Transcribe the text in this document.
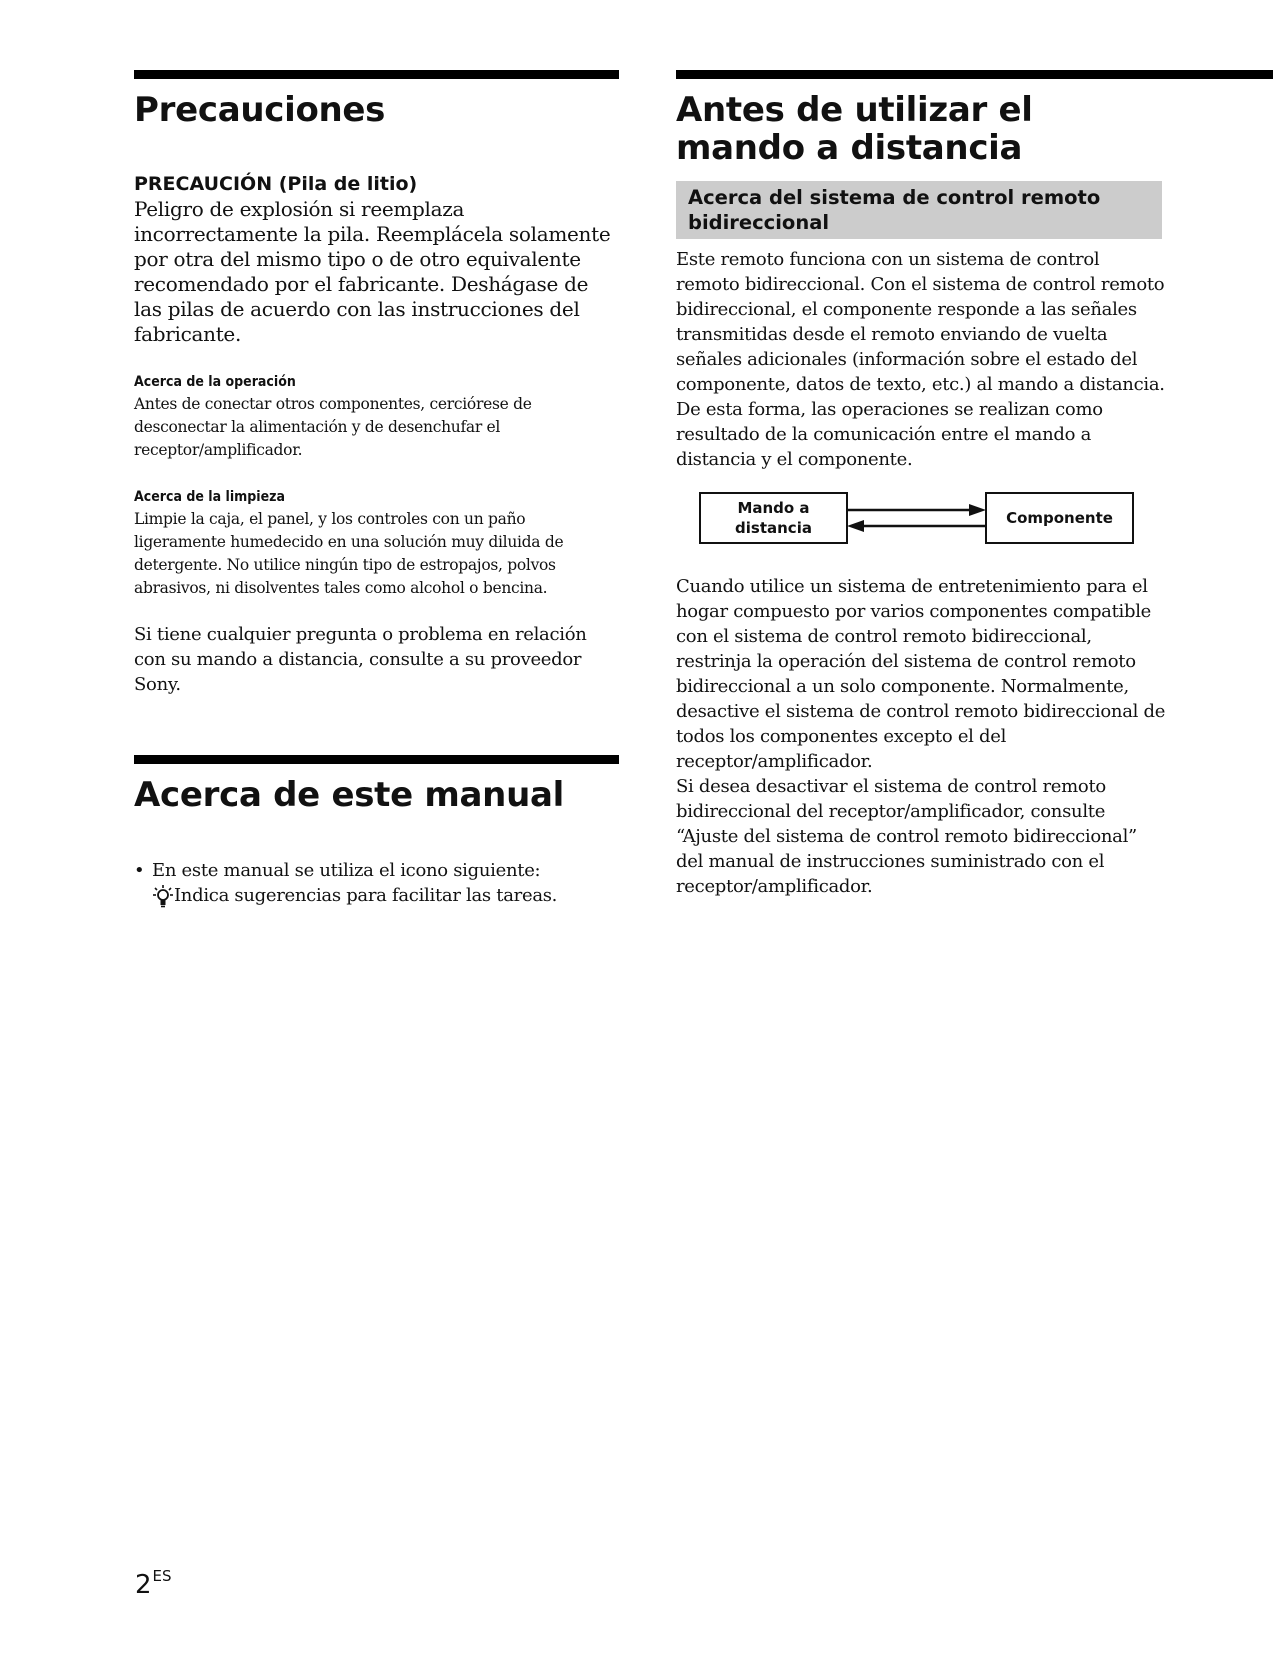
Precauciones
PRECAUCIÓN (Pila de litio)
Peligro de explosión si reemplaza incorrectamente la pila. Reemplácela solamente por otra del mismo tipo o de otro equivalente recomendado por el fabricante. Deshágase de las pilas de acuerdo con las instrucciones del fabricante.
Acerca de la operación
Antes de conectar otros componentes, cerciórese de desconectar la alimentación y de desenchufar el receptor/amplificador.
Acerca de la limpieza
Limpie la caja, el panel, y los controles con un paño ligeramente humedecido en una solución muy diluida de detergente. No utilice ningún tipo de estropajos, polvos abrasivos, ni disolventes tales como alcohol o bencina.
Si tiene cualquier pregunta o problema en relación con su mando a distancia, consulte a su proveedor Sony.
Acerca de este manual
• En este manual se utiliza el icono siguiente:
Indica sugerencias para facilitar las tareas.
Antes de utilizar el mando a distancia
Acerca del sistema de control remoto bidireccional
Este remoto funciona con un sistema de control remoto bidireccional. Con el sistema de control remoto bidireccional, el componente responde a las señales transmitidas desde el remoto enviando de vuelta señales adicionales (información sobre el estado del componente, datos de texto, etc.) al mando a distancia. De esta forma, las operaciones se realizan como resultado de la comunicación entre el mando a distancia y el componente.
Mando a distancia
Componente
Cuando utilice un sistema de entretenimiento para el hogar compuesto por varios componentes compatible con el sistema de control remoto bidireccional, restrinja la operación del sistema de control remoto bidireccional a un solo componente. Normalmente, desactive el sistema de control remoto bidireccional de todos los componentes excepto el del receptor/amplificador.
Si desea desactivar el sistema de control remoto bidireccional del receptor/amplificador, consulte “Ajuste del sistema de control remoto bidireccional” del manual de instrucciones suministrado con el receptor/amplificador.
$2^{ES}$
